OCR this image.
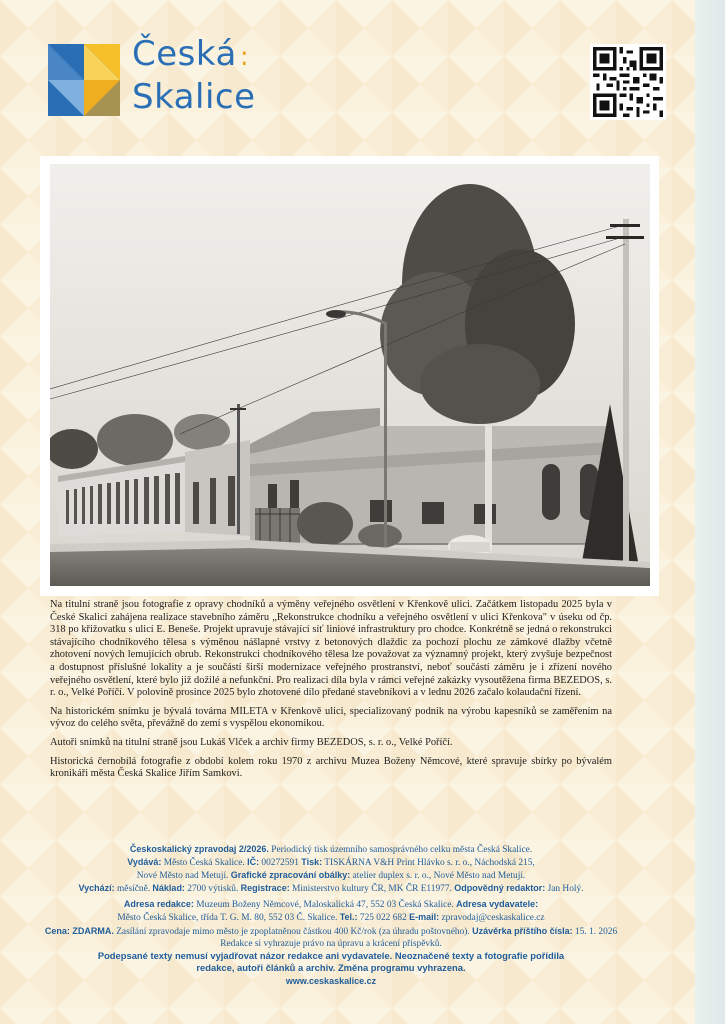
Česká :
Skalice

Na titulní straně jsou fotografie z opravy chodníků a výměny veřejného osvětlení v Křenkově ulici. Začátkem listopadu 2025 byla v České Skalici zahájena realizace stavebního záměru „Rekonstrukce chodníku a veřejného osvětlení v ulici Křenkova" v úseku od čp. 318 po křižovatku s ulicí E. Beneše. Projekt upravuje stávající síť liniové infrastruktury pro chodce. Konkrétně se jedná o rekonstrukci stávajícího chodníkového tělesa s výměnou nášlapné vrstvy z betonových dlaždic za pochozí plochu ze zámkové dlažby včetně zhotovení nových lemujících obrub. Rekonstrukci chodníkového tělesa lze považovat za významný projekt, který zvyšuje bezpečnost a dostupnost příslušné lokality a je součástí širší modernizace veřejného prostranství, neboť součástí záměru je i zřízení nového veřejného osvětlení, které bylo již dožilé a nefunkční. Pro realizaci díla byla v rámci veřejné zakázky vysoutěžena firma BEZEDOS, s. r. o., Velké Poříčí. V polovině prosince 2025 bylo zhotovené dílo předané stavebníkovi a v lednu 2026 začalo kolaudační řízení.

Na historickém snímku je bývalá továrna MILETA v Křenkově ulici, specializovaný podnik na výrobu kapesníků se zaměřením na vývoz do celého světa, převážně do zemí s vyspělou ekonomikou.

Autoři snímků na titulní straně jsou Lukáš Vlček a archiv firmy BEZEDOS, s. r. o., Velké Poříčí.

Historická černobílá fotografie z období kolem roku 1970 z archivu Muzea Boženy Němcové, které spravuje sbírky po bývalém kronikáři města Česká Skalice Jiřím Samkovi.

Českoskalický zpravodaj 2/2026. Periodický tisk územního samosprávného celku města Česká Skalice.
Vydává: Město Česká Skalice. IČ: 00272591 Tisk: TISKÁRNA V&H Print Hlávko s. r. o., Náchodská 215,
Nové Město nad Metují. Grafické zpracování obálky: atelier duplex s. r. o., Nové Město nad Metují.
Vychází: měsíčně. Náklad: 2700 výtisků. Registrace: Ministerstvo kultury ČR, MK ČR E11977. Odpovědný redaktor: Jan Holý.
Adresa redakce: Muzeum Boženy Němcové, Maloskalická 47, 552 03 Česká Skalice. Adresa vydavatele:
Město Česká Skalice, třída T. G. M. 80, 552 03 Č. Skalice. Tel.: 725 022 682 E-mail: zpravodaj@ceskaskalice.cz
Cena: ZDARMA. Zasílání zpravodaje mimo město je zpoplatněnou částkou 400 Kč/rok (za úhradu poštovného). Uzávěrka příštího čísla: 15. 1. 2026 Redakce si vyhrazuje právo na úpravu a krácení příspěvků.
Podepsané texty nemusí vyjadřovat názor redakce ani vydavatele. Neoznačené texty a fotografie pořídila
redakce, autoři článků a archiv. Změna programu vyhrazena.
www.ceskaskalice.cz
